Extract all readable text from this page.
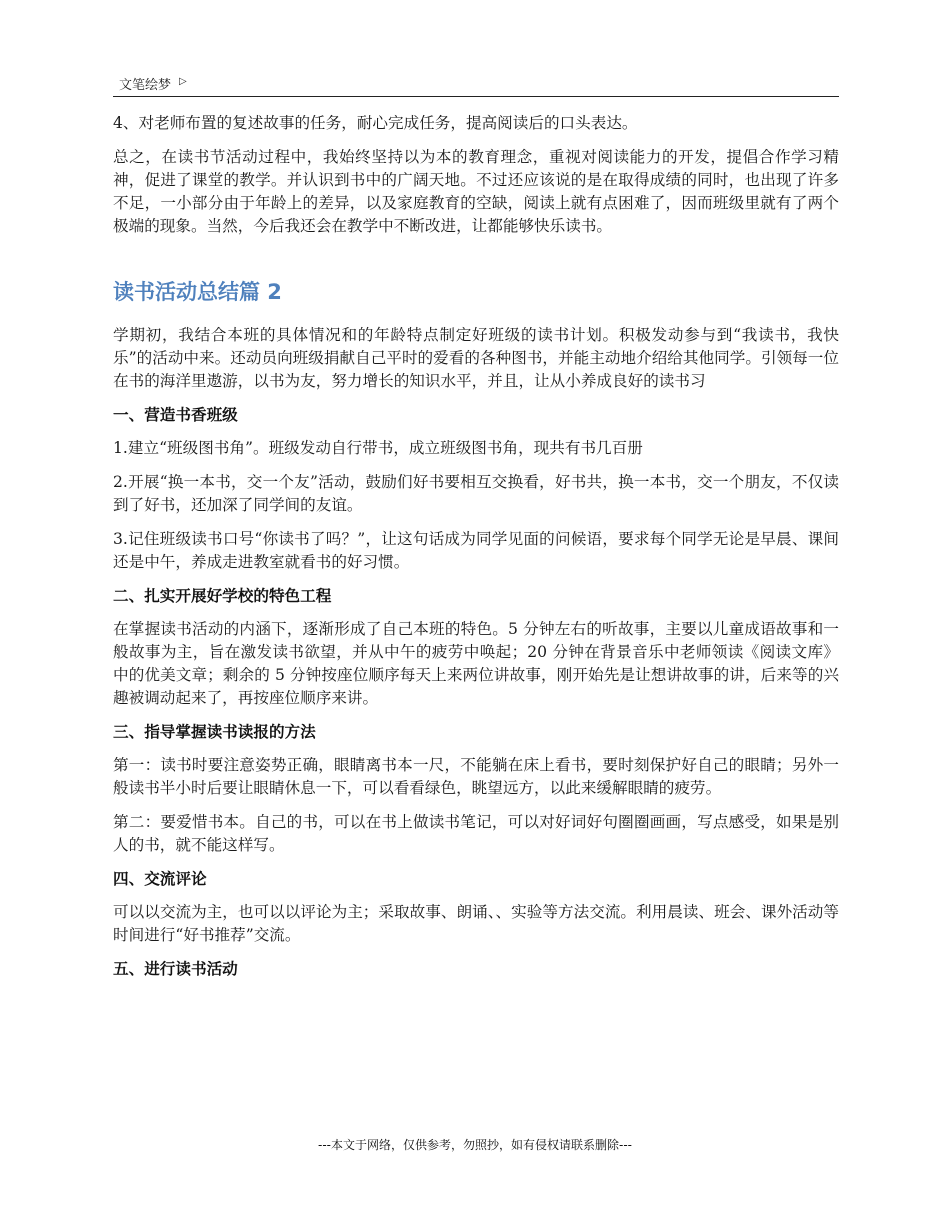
文笔绘梦 ▷

4、对老师布置的复述故事的任务，耐心完成任务，提高阅读后的口头表达。

总之，在读书节活动过程中，我始终坚持以为本的教育理念，重视对阅读能力的开发，提倡合作学习精神，促进了课堂的教学。并认识到书中的广阔天地。不过还应该说的是在取得成绩的同时，也出现了许多不足，一小部分由于年龄上的差异，以及家庭教育的空缺，阅读上就有点困难了，因而班级里就有了两个极端的现象。当然，今后我还会在教学中不断改进，让都能够快乐读书。

读书活动总结篇 2

学期初，我结合本班的具体情况和的年龄特点制定好班级的读书计划。积极发动参与到“我读书，我快乐”的活动中来。还动员向班级捐献自己平时的爱看的各种图书，并能主动地介绍给其他同学。引领每一位在书的海洋里遨游，以书为友，努力增长的知识水平，并且，让从小养成良好的读书习

一、营造书香班级

1.建立“班级图书角”。班级发动自行带书，成立班级图书角，现共有书几百册

2.开展“换一本书，交一个友”活动，鼓励们好书要相互交换看，好书共，换一本书，交一个朋友，不仅读到了好书，还加深了同学间的友谊。

3.记住班级读书口号“你读书了吗？”，让这句话成为同学见面的问候语，要求每个同学无论是早晨、课间还是中午，养成走进教室就看书的好习惯。

二、扎实开展好学校的特色工程

在掌握读书活动的内涵下，逐渐形成了自己本班的特色。5 分钟左右的听故事，主要以儿童成语故事和一般故事为主，旨在激发读书欲望，并从中午的疲劳中唤起；20 分钟在背景音乐中老师领读《阅读文库》中的优美文章；剩余的 5 分钟按座位顺序每天上来两位讲故事，刚开始先是让想讲故事的讲，后来等的兴趣被调动起来了，再按座位顺序来讲。

三、指导掌握读书读报的方法

第一：读书时要注意姿势正确，眼睛离书本一尺，不能躺在床上看书，要时刻保护好自己的眼睛；另外一般读书半小时后要让眼睛休息一下，可以看看绿色，眺望远方，以此来缓解眼睛的疲劳。

第二：要爱惜书本。自己的书，可以在书上做读书笔记，可以对好词好句圈圈画画，写点感受，如果是别人的书，就不能这样写。

四、交流评论

可以以交流为主，也可以以评论为主；采取故事、朗诵、、实验等方法交流。利用晨读、班会、课外活动等时间进行“好书推荐”交流。

五、进行读书活动
---本文于网络，仅供参考，勿照抄，如有侵权请联系删除---
